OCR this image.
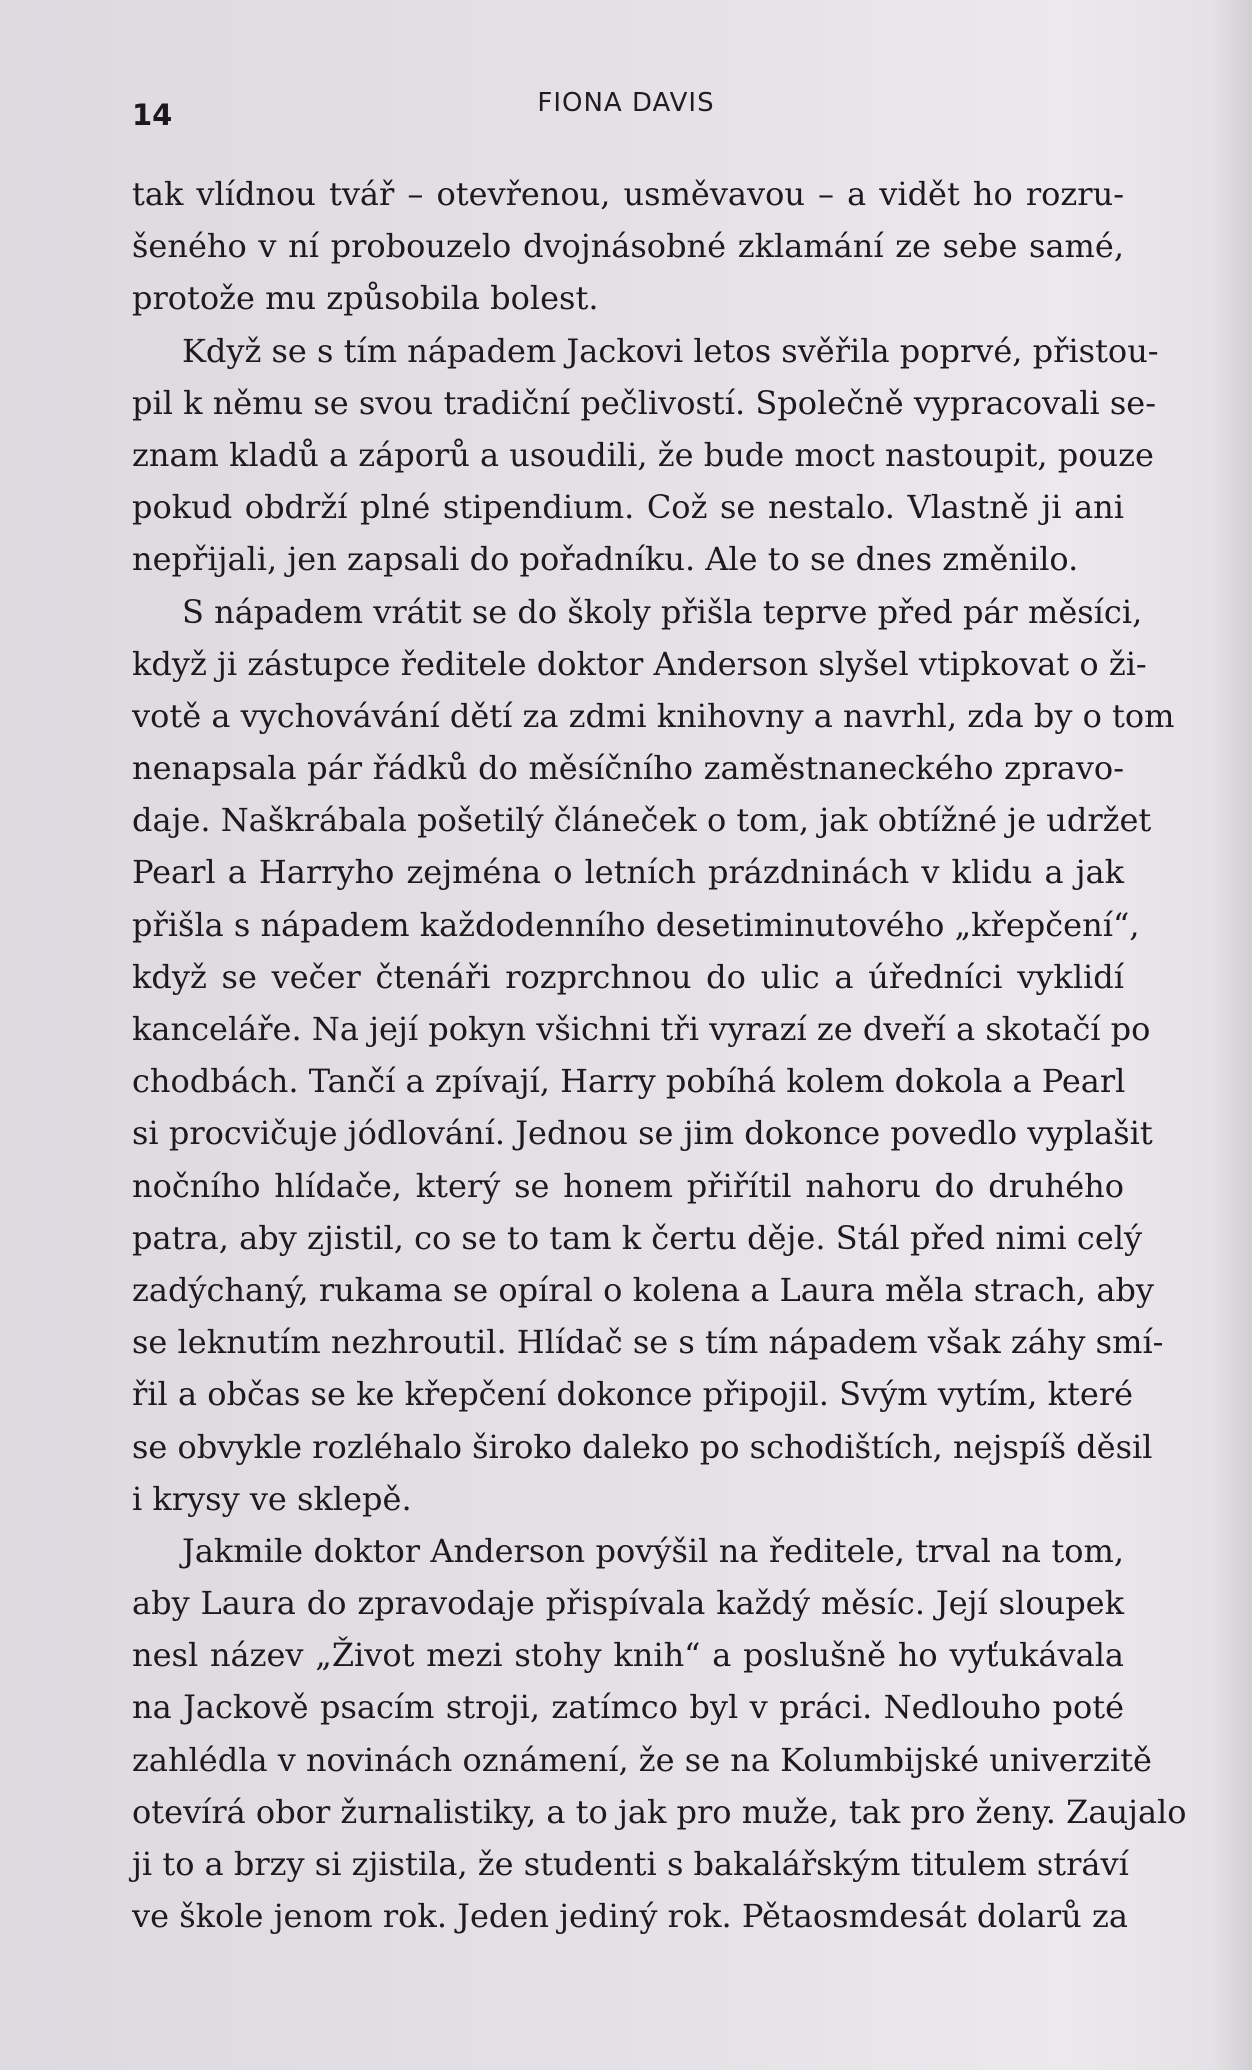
14	FIONA DAVIS
tak vlídnou tvář – otevřenou, usměvavou – a vidět ho rozru-
šeného v ní probouzelo dvojnásobné zklamání ze sebe samé,
protože mu způsobila bolest.
Když se s tím nápadem Jackovi letos svěřila poprvé, přistou-
pil k němu se svou tradiční pečlivostí. Společně vypracovali se-
znam kladů a záporů a usoudili, že bude moct nastoupit, pouze
pokud obdrží plné stipendium. Což se nestalo. Vlastně ji ani
nepřijali, jen zapsali do pořadníku. Ale to se dnes změnilo.
S nápadem vrátit se do školy přišla teprve před pár měsíci,
když ji zástupce ředitele doktor Anderson slyšel vtipkovat o ži-
votě a vychovávání dětí za zdmi knihovny a navrhl, zda by o tom
nenapsala pár řádků do měsíčního zaměstnaneckého zpravo-
daje. Naškrábala pošetilý článeček o tom, jak obtížné je udržet
Pearl a Harryho zejména o letních prázdninách v klidu a jak
přišla s nápadem každodenního desetiminutového „křepčení“,
když se večer čtenáři rozprchnou do ulic a úředníci vyklidí
kanceláře. Na její pokyn všichni tři vyrazí ze dveří a skotačí po
chodbách. Tančí a zpívají, Harry pobíhá kolem dokola a Pearl
si procvičuje jódlování. Jednou se jim dokonce povedlo vyplašit
nočního hlídače, který se honem přiřítil nahoru do druhého
patra, aby zjistil, co se to tam k čertu děje. Stál před nimi celý
zadýchaný, rukama se opíral o kolena a Laura měla strach, aby
se leknutím nezhroutil. Hlídač se s tím nápadem však záhy smí-
řil a občas se ke křepčení dokonce připojil. Svým vytím, které
se obvykle rozléhalo široko daleko po schodištích, nejspíš děsil
i krysy ve sklepě.
Jakmile doktor Anderson povýšil na ředitele, trval na tom,
aby Laura do zpravodaje přispívala každý měsíc. Její sloupek
nesl název „Život mezi stohy knih“ a poslušně ho vyťukávala
na Jackově psacím stroji, zatímco byl v práci. Nedlouho poté
zahlédla v novinách oznámení, že se na Kolumbijské univerzitě
otevírá obor žurnalistiky, a to jak pro muže, tak pro ženy. Zaujalo
ji to a brzy si zjistila, že studenti s bakalářským titulem stráví
ve škole jenom rok. Jeden jediný rok. Pětaosmdesát dolarů za
